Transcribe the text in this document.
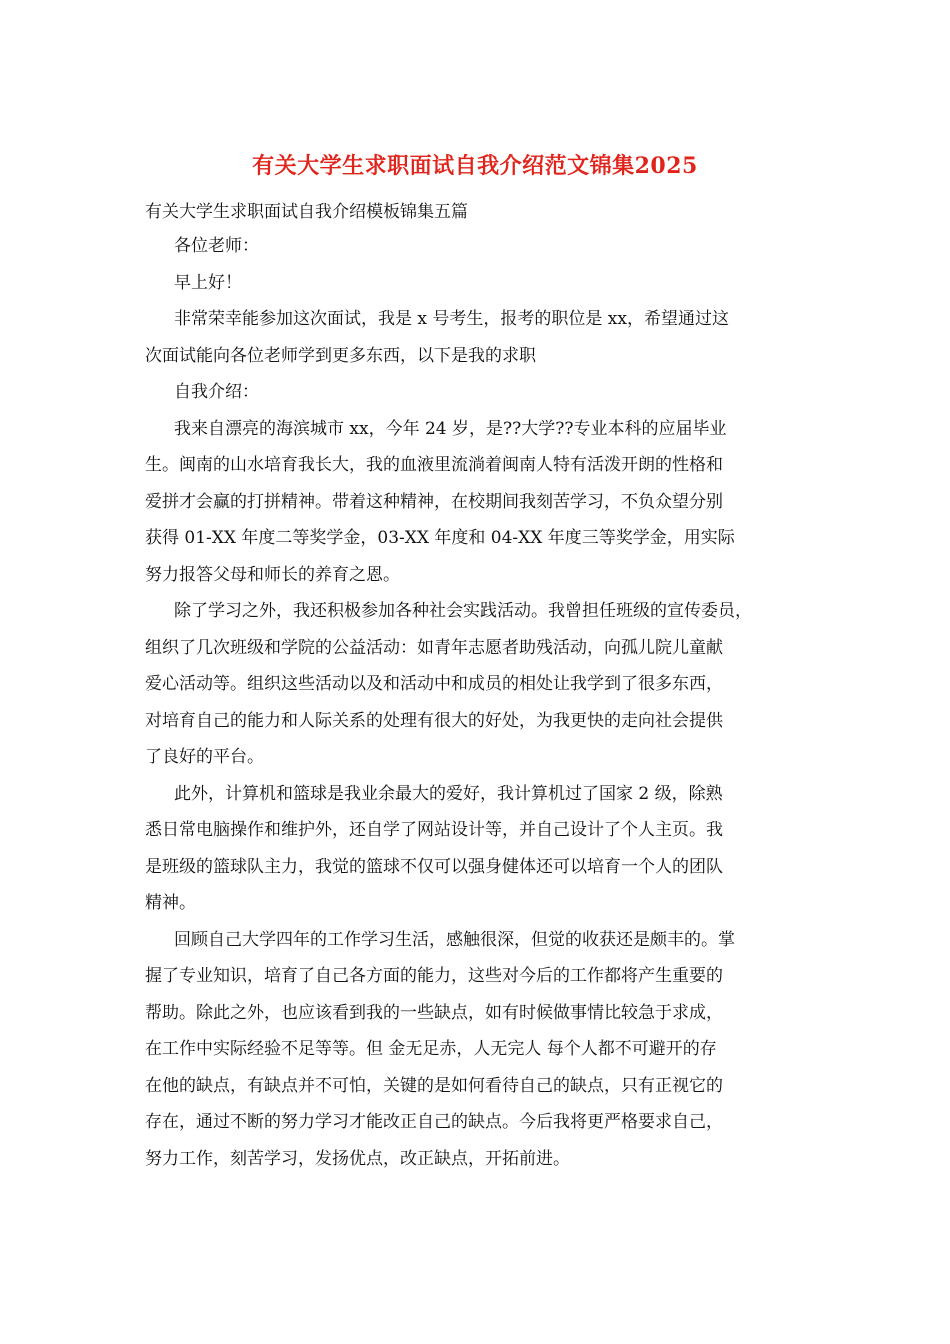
有关大学生求职面试自我介绍范文锦集2025
有关大学生求职面试自我介绍模板锦集五篇
各位老师：
早上好！
非常荣幸能参加这次面试，我是 x 号考生，报考的职位是 xx，希望通过这
次面试能向各位老师学到更多东西，以下是我的求职
自我介绍：
我来自漂亮的海滨城市 xx，今年 24 岁，是??大学??专业本科的应届毕业
生。闽南的山水培育我长大，我的血液里流淌着闽南人特有活泼开朗的性格和
爱拼才会赢的打拼精神。带着这种精神，在校期间我刻苦学习，不负众望分别
获得 01-XX 年度二等奖学金，03-XX 年度和 04-XX 年度三等奖学金，用实际
努力报答父母和师长的养育之恩。
除了学习之外，我还积极参加各种社会实践活动。我曾担任班级的宣传委员，
组织了几次班级和学院的公益活动：如青年志愿者助残活动，向孤儿院儿童献
爱心活动等。组织这些活动以及和活动中和成员的相处让我学到了很多东西，
对培育自己的能力和人际关系的处理有很大的好处，为我更快的走向社会提供
了良好的平台。
此外，计算机和篮球是我业余最大的爱好，我计算机过了国家 2 级，除熟
悉日常电脑操作和维护外，还自学了网站设计等，并自己设计了个人主页。我
是班级的篮球队主力，我觉的篮球不仅可以强身健体还可以培育一个人的团队
精神。
回顾自己大学四年的工作学习生活，感触很深，但觉的收获还是颇丰的。掌
握了专业知识，培育了自己各方面的能力，这些对今后的工作都将产生重要的
帮助。除此之外，也应该看到我的一些缺点，如有时候做事情比较急于求成，
在工作中实际经验不足等等。但 金无足赤，人无完人 每个人都不可避开的存
在他的缺点，有缺点并不可怕，关键的是如何看待自己的缺点，只有正视它的
存在，通过不断的努力学习才能改正自己的缺点。今后我将更严格要求自己，
努力工作，刻苦学习，发扬优点，改正缺点，开拓前进。
